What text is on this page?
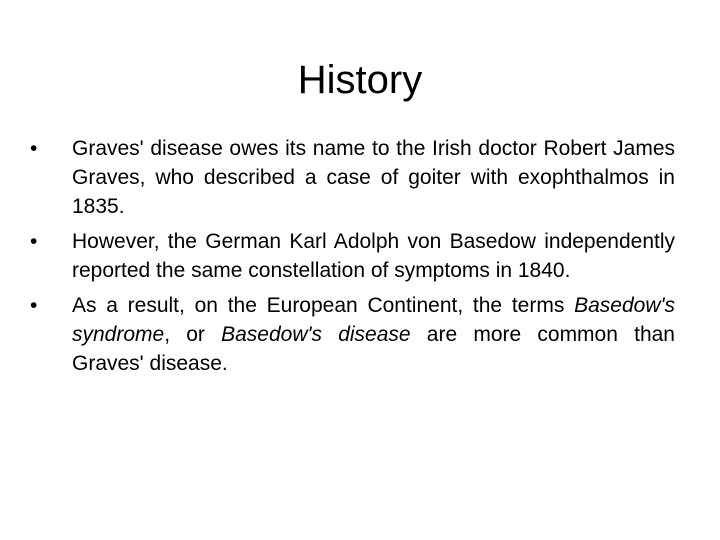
History
•	Graves' disease owes its name to the Irish doctor Robert James Graves, who described a case of goiter with exophthalmos in 1835.
•	However, the German Karl Adolph von Basedow independently reported the same constellation of symptoms in 1840.
•	As a result, on the European Continent, the terms Basedow's syndrome, or Basedow's disease are more common than Graves' disease.
